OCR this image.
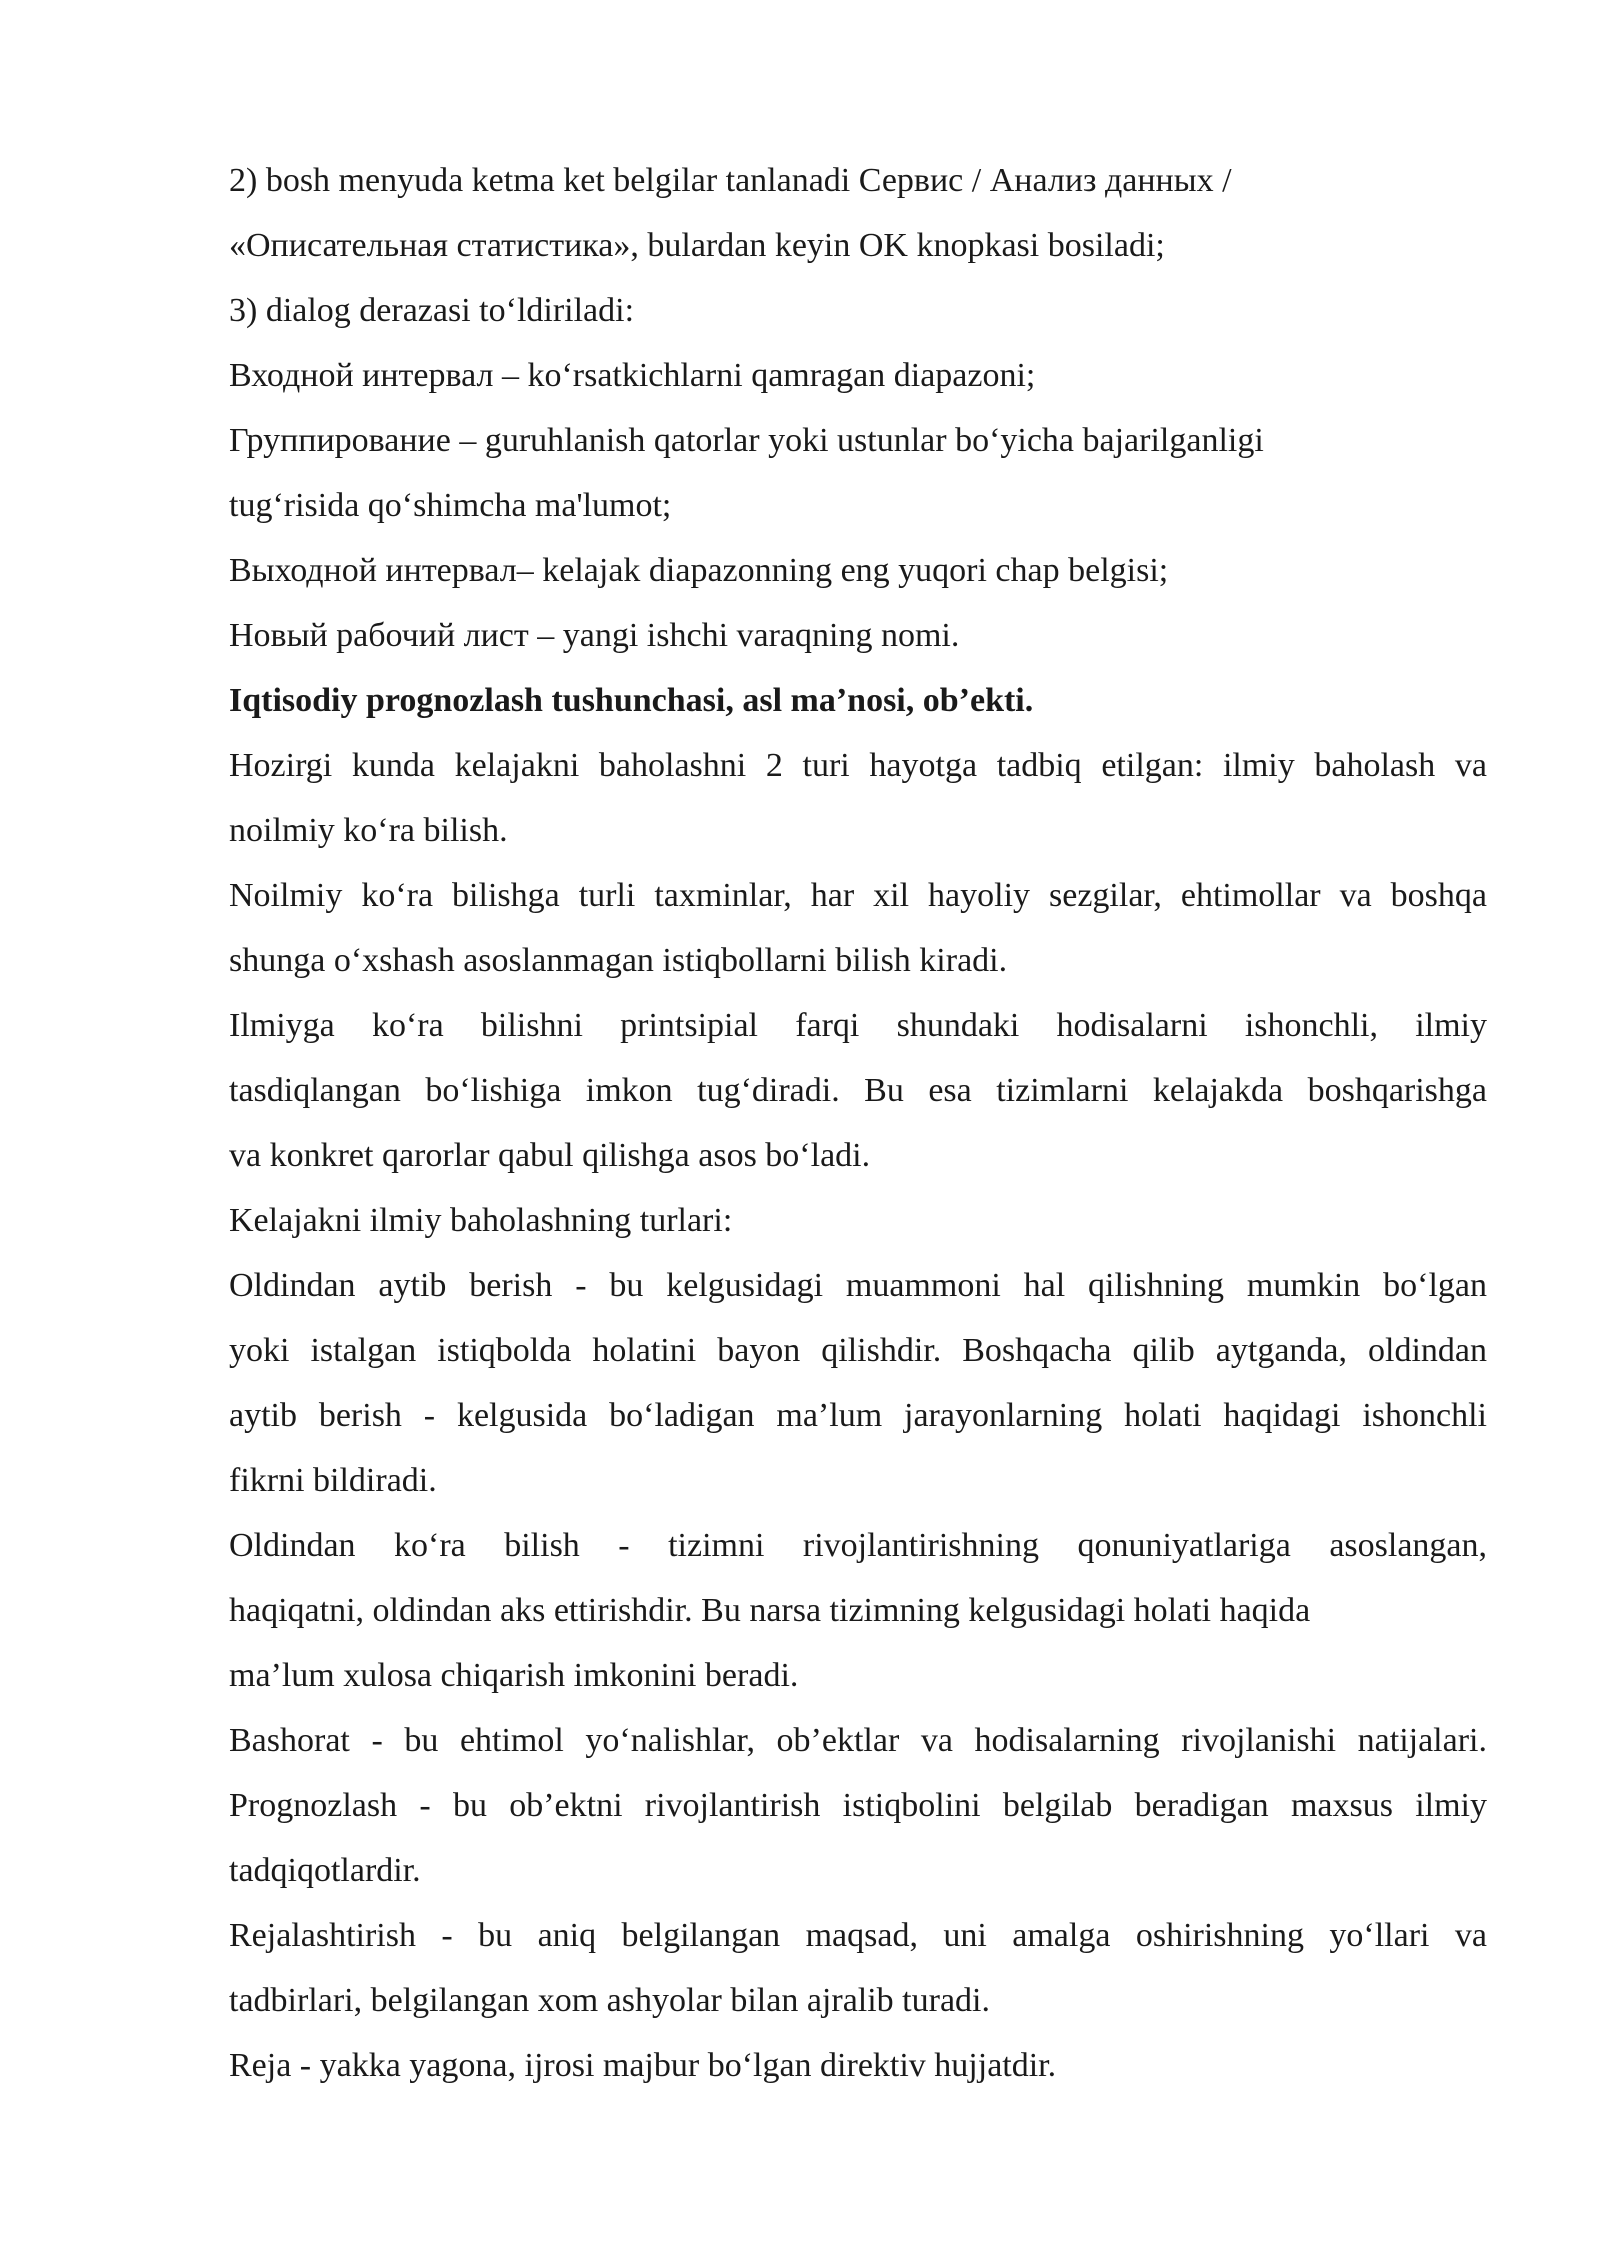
2) bosh menyuda ketma ket belgilar tanlanadi Сервис / Анализ данных /
«Описательная статистика», bulardan keyin OK knopkasi bosiladi;
3) dialog derazasi toʻldiriladi:
Входной интервал – koʻrsatkichlarni qamragan diapazoni;
Группирование – guruhlanish qatorlar yoki ustunlar boʻyicha bajarilganligi
tugʻrisida qoʻshimcha ma'lumot;
Выходной интервал– kelajak diapazonning eng yuqori chap belgisi;
Новый рабочий лист – yangi ishchi varaqning nomi.
Iqtisodiy prognozlash tushunchasi, asl ma’nosi, ob’ekti.
Hozirgi kunda kelajakni baholashni 2 turi hayotga tadbiq etilgan: ilmiy baholash va
noilmiy koʻra bilish.
Noilmiy koʻra bilishga turli taxminlar, har xil hayoliy sezgilar, ehtimollar va boshqa
shunga oʻxshash asoslanmagan istiqbollarni bilish kiradi.
Ilmiyga koʻra bilishni printsipial farqi shundaki hodisalarni ishonchli, ilmiy
tasdiqlangan boʻlishiga imkon tugʻdiradi. Bu esa tizimlarni kelajakda boshqarishga
va konkret qarorlar qabul qilishga asos boʻladi.
Kelajakni ilmiy baholashning turlari:
Oldindan aytib berish - bu kelgusidagi muammoni hal qilishning mumkin boʻlgan
yoki istalgan istiqbolda holatini bayon qilishdir. Boshqacha qilib aytganda, oldindan
aytib berish - kelgusida boʻladigan ma’lum jarayonlarning holati haqidagi ishonchli
fikrni bildiradi.
Oldindan koʻra bilish - tizimni rivojlantirishning qonuniyatlariga asoslangan,
haqiqatni, oldindan aks ettirishdir. Bu narsa tizimning kelgusidagi holati haqida
ma’lum xulosa chiqarish imkonini beradi.
Bashorat - bu ehtimol yoʻnalishlar, ob’ektlar va hodisalarning rivojlanishi natijalari.
Prognozlash - bu ob’ektni rivojlantirish istiqbolini belgilab beradigan maxsus ilmiy
tadqiqotlardir.
Rejalashtirish - bu aniq belgilangan maqsad, uni amalga oshirishning yoʻllari va
tadbirlari, belgilangan xom ashyolar bilan ajralib turadi.
Reja - yakka yagona, ijrosi majbur boʻlgan direktiv hujjatdir.
